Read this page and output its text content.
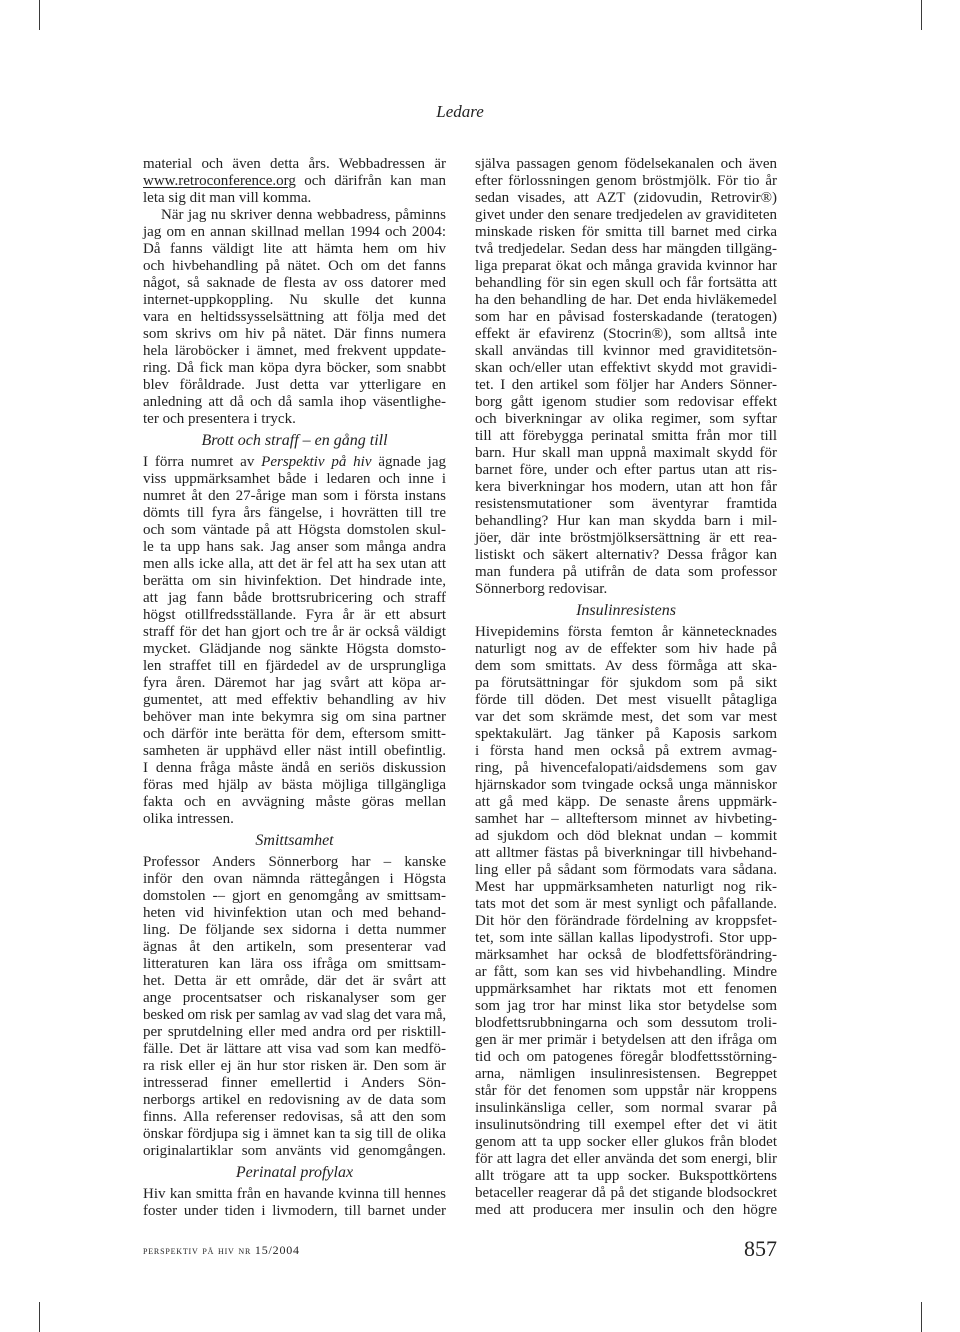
Ledare
material och även detta års. Webbadressen är
www.retroconference.org och därifrån kan man
leta sig dit man vill komma.
När jag nu skriver denna webbadress, påminns
jag om en annan skillnad mellan 1994 och 2004:
Då fanns väldigt lite att hämta hem om hiv
och hivbehandling på nätet. Och om det fanns
något, så saknade de flesta av oss datorer med
internet-uppkoppling. Nu skulle det kunna
vara en heltidssysselsättning att följa med det
som skrivs om hiv på nätet. Där finns numera
hela läroböcker i ämnet, med frekvent uppdate-
ring. Då fick man köpa dyra böcker, som snabbt
blev föråldrade. Just detta var ytterligare en
anledning att då och då samla ihop väsentlighe-
ter och presentera i tryck.
Brott och straff – en gång till
I förra numret av Perspektiv på hiv ägnade jag
viss uppmärksamhet både i ledaren och inne i
numret åt den 27-årige man som i första instans
dömts till fyra års fängelse, i hovrätten till tre
och som väntade på att Högsta domstolen skul-
le ta upp hans sak. Jag anser som många andra
men alls icke alla, att det är fel att ha sex utan att
berätta om sin hivinfektion. Det hindrade inte,
att jag fann både brottsrubricering och straff
högst otillfredsställande. Fyra år är ett absurt
straff för det han gjort och tre år är också väldigt
mycket. Glädjande nog sänkte Högsta domsto-
len straffet till en fjärdedel av de ursprungliga
fyra åren. Däremot har jag svårt att köpa ar-
gumentet, att med effektiv behandling av hiv
behöver man inte bekymra sig om sina partner
och därför inte berätta för dem, eftersom smitt-
samheten är upphävd eller näst intill obefintlig.
I denna fråga måste ändå en seriös diskussion
föras med hjälp av bästa möjliga tillgängliga
fakta och en avvägning måste göras mellan
olika intressen.
Smittsamhet
Professor Anders Sönnerborg har – kanske
inför den ovan nämnda rättegången i Högsta
domstolen -– gjort en genomgång av smittsam-
heten vid hivinfektion utan och med behand-
ling. De följande sex sidorna i detta nummer
ägnas åt den artikeln, som presenterar vad
litteraturen kan lära oss ifråga om smittsam-
het. Detta är ett område, där det är svårt att
ange procentsatser och riskanalyser som ger
besked om risk per samlag av vad slag det vara må,
per sprutdelning eller med andra ord per risktill-
fälle. Det är lättare att visa vad som kan medfö-
ra risk eller ej än hur stor risken är. Den som är
intresserad finner emellertid i Anders Sön-
nerborgs artikel en redovisning av de data som
finns. Alla referenser redovisas, så att den som
önskar fördjupa sig i ämnet kan ta sig till de olika
originalartiklar som använts vid genomgången.
Perinatal profylax
Hiv kan smitta från en havande kvinna till hennes
foster under tiden i livmodern, till barnet under
själva passagen genom födelsekanalen och även
efter förlossningen genom bröstmjölk. För tio år
sedan visades, att AZT (zidovudin, Retrovir®)
givet under den senare tredjedelen av graviditeten
minskade risken för smitta till barnet med cirka
två tredjedelar. Sedan dess har mängden tillgäng-
liga preparat ökat och många gravida kvinnor har
behandling för sin egen skull och får fortsätta att
ha den behandling de har. Det enda hivläkemedel
som har en påvisad fosterskadande (teratogen)
effekt är efavirenz (Stocrin®), som alltså inte
skall användas till kvinnor med graviditetsön-
skan och/eller utan effektivt skydd mot gravidi-
tet. I den artikel som följer har Anders Sönner-
borg gått igenom studier som redovisar effekt
och biverkningar av olika regimer, som syftar
till att förebygga perinatal smitta från mor till
barn. Hur skall man uppnå maximalt skydd för
barnet före, under och efter partus utan att ris-
kera biverkningar hos modern, utan att hon får
resistensmutationer som äventyrar framtida
behandling? Hur kan man skydda barn i mil-
jöer, där inte bröstmjölksersättning är ett rea-
listiskt och säkert alternativ? Dessa frågor kan
man fundera på utifrån de data som professor
Sönnerborg redovisar.
Insulinresistens
Hivepidemins första femton år kännetecknades
naturligt nog av de effekter som hiv hade på
dem som smittats. Av dess förmåga att ska-
pa förutsättningar för sjukdom som på sikt
förde till döden. Det mest visuellt påtagliga
var det som skrämde mest, det som var mest
spektakulärt. Jag tänker på Kaposis sarkom
i första hand men också på extrem avmag-
ring, på hivencefalopati/aidsdemens som gav
hjärnskador som tvingade också unga människor
att gå med käpp. De senaste årens uppmärk-
samhet har – allteftersom minnet av hivbeting-
ad sjukdom och död bleknat undan – kommit
att alltmer fästas på biverkningar till hivbehand-
ling eller på sådant som förmodats vara sådana.
Mest har uppmärksamheten naturligt nog rik-
tats mot det som är mest synligt och påfallande.
Dit hör den förändrade fördelning av kroppsfet-
tet, som inte sällan kallas lipodystrofi. Stor upp-
märksamhet har också de blodfettsförändring-
ar fått, som kan ses vid hivbehandling. Mindre
uppmärksamhet har riktats mot ett fenomen
som jag tror har minst lika stor betydelse som
blodfettsrubbningarna och som dessutom troli-
gen är mer primär i betydelsen att den ifråga om
tid och om patogenes föregår blodfettsstörning-
arna, nämligen insulinresistensen. Begreppet
står för det fenomen som uppstår när kroppens
insulinkänsliga celler, som normal svarar på
insulinutsöndring till exempel efter det vi ätit
genom att ta upp socker eller glukos från blodet
för att lagra det eller använda det som energi, blir
allt trögare att ta upp socker. Bukspottkörtens
betaceller reagerar då på det stigande blodsockret
med att producera mer insulin och den högre
perspektiv på hiv nr 15/2004	857
